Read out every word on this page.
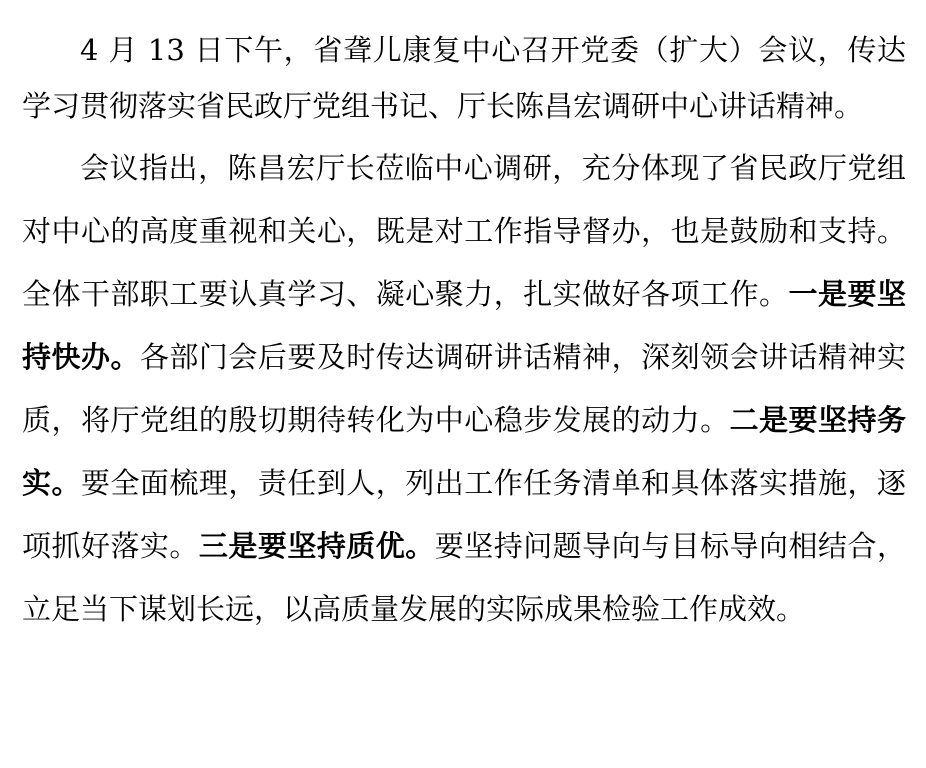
4 月 13 日下午，省聋儿康复中心召开党委（扩大）会议，传达学习贯彻落实省民政厅党组书记、厅长陈昌宏调研中心讲话精神。

会议指出，陈昌宏厅长莅临中心调研，充分体现了省民政厅党组对中心的高度重视和关心，既是对工作指导督办，也是鼓励和支持。全体干部职工要认真学习、凝心聚力，扎实做好各项工作。一是要坚持快办。各部门会后要及时传达调研讲话精神，深刻领会讲话精神实质，将厅党组的殷切期待转化为中心稳步发展的动力。二是要坚持务实。要全面梳理，责任到人，列出工作任务清单和具体落实措施，逐项抓好落实。三是要坚持质优。要坚持问题导向与目标导向相结合，立足当下谋划长远，以高质量发展的实际成果检验工作成效。
